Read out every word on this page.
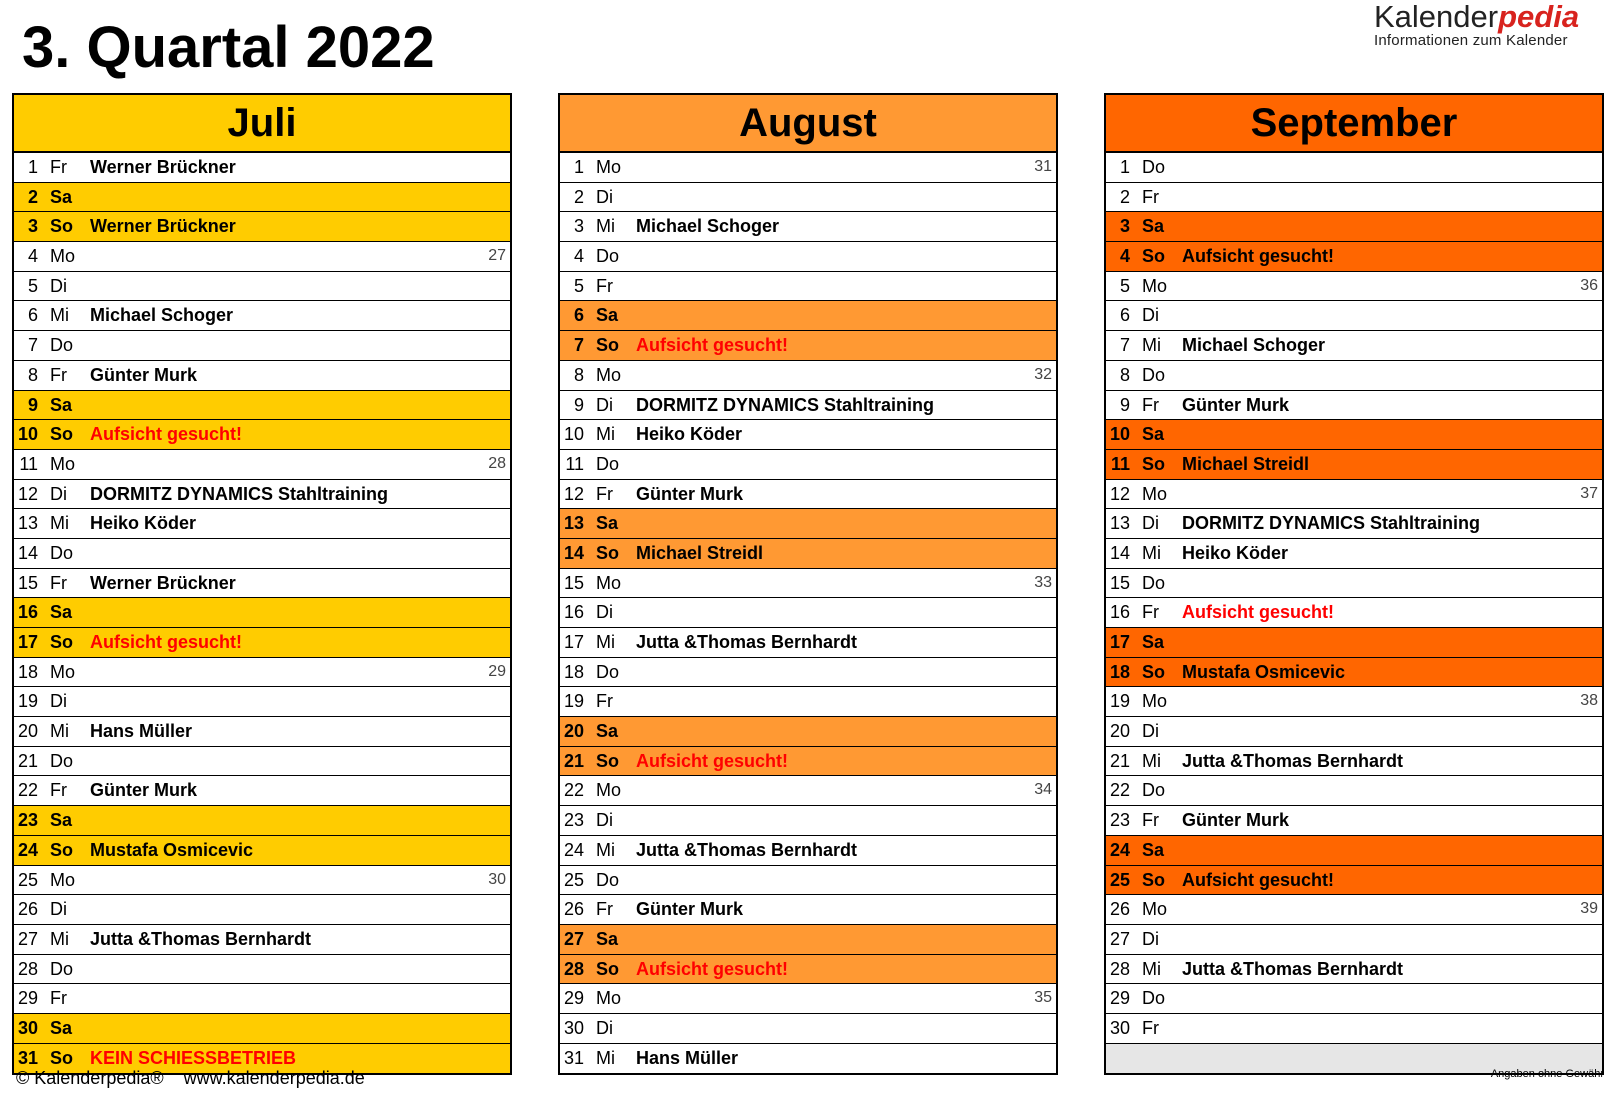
3. Quartal 2022	Kalenderpedia
Informationen zum Kalender
Juli
1 Fr	Werner Brückner
2 Sa
3 So Werner Brückner
4 Mo	27
5 Di
6 Mi	Michael Schoger
7 Do
8 Fr	Günter Murk
9 Sa
10 So Aufsicht gesucht!
11 Mo	28
12 Di	DORMITZ DYNAMICS Stahltraining
13 Mi	Heiko Köder
14 Do
15 Fr	Werner Brückner
16 Sa
17 So Aufsicht gesucht!
18 Mo	29
19 Di
20 Mi	Hans Müller
21 Do
22 Fr	Günter Murk
23 Sa
24 So Mustafa Osmicevic
25 Mo	30
26 Di
27 Mi	Jutta &Thomas Bernhardt
28 Do
29 Fr
30 Sa
31 So KEIN SCHIESSBETRIEB
August
1 Mo	31
2 Di
3 Mi	Michael Schoger
4 Do
5 Fr
6 Sa
7 So Aufsicht gesucht!
8 Mo	32
9 Di	DORMITZ DYNAMICS Stahltraining
10 Mi	Heiko Köder
11 Do
12 Fr	Günter Murk
13 Sa
14 So Michael Streidl
15 Mo	33
16 Di
17 Mi	Jutta &Thomas Bernhardt
18 Do
19 Fr
20 Sa
21 So Aufsicht gesucht!
22 Mo	34
23 Di
24 Mi	Jutta &Thomas Bernhardt
25 Do
26 Fr	Günter Murk
27 Sa
28 So Aufsicht gesucht!
29 Mo	35
30 Di
31 Mi	Hans Müller
September
1 Do
2 Fr
3 Sa
4 So Aufsicht gesucht!
5 Mo	36
6 Di
7 Mi	Michael Schoger
8 Do
9 Fr	Günter Murk
10 Sa
11 So Michael Streidl
12 Mo	37
13 Di	DORMITZ DYNAMICS Stahltraining
14 Mi	Heiko Köder
15 Do
16 Fr	Aufsicht gesucht!
17 Sa
18 So Mustafa Osmicevic
19 Mo	38
20 Di
21 Mi	Jutta &Thomas Bernhardt
22 Do
23 Fr	Günter Murk
24 Sa
25 So Aufsicht gesucht!
26 Mo	39
27 Di
28 Mi	Jutta &Thomas Bernhardt
29 Do
30 Fr
© Kalenderpedia® www.kalenderpedia.de	Angaben ohne Gewähr
